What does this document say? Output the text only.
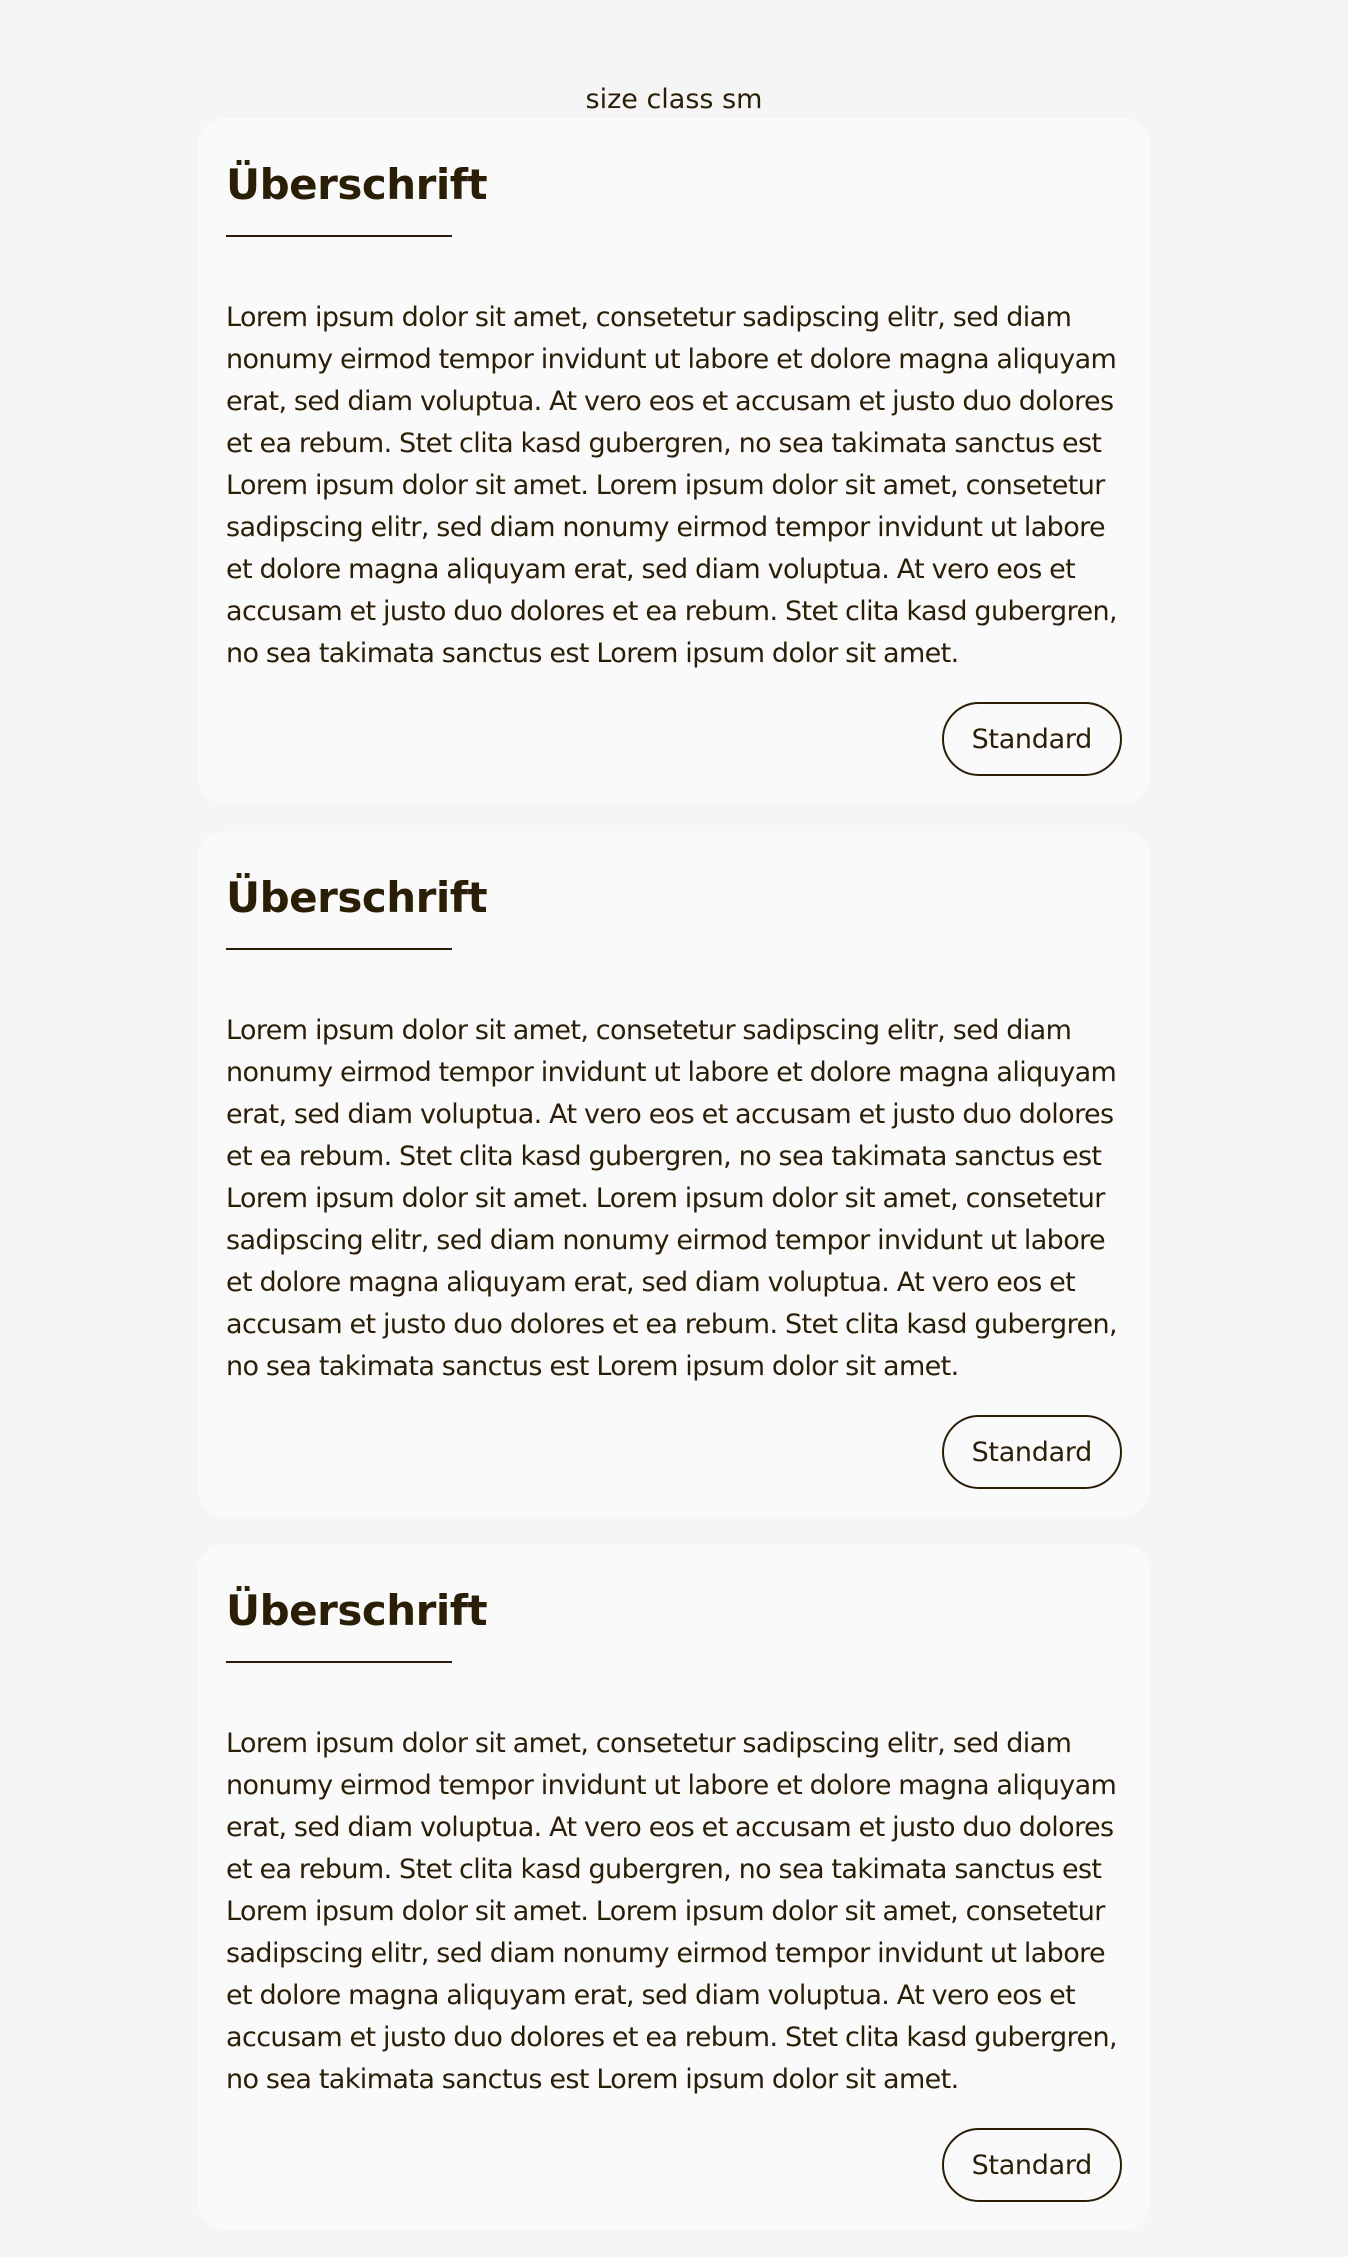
size class sm
Überschrift

Lorem ipsum dolor sit amet, consetetur sadipscing elitr, sed diam nonumy eirmod tempor invidunt ut labore et dolore magna aliquyam erat, sed diam voluptua. At vero eos et accusam et justo duo dolores et ea rebum. Stet clita kasd gubergren, no sea takimata sanctus est Lorem ipsum dolor sit amet. Lorem ipsum dolor sit amet, consetetur sadipscing elitr, sed diam nonumy eirmod tempor invidunt ut labore et dolore magna aliquyam erat, sed diam voluptua. At vero eos et accusam et justo duo dolores et ea rebum. Stet clita kasd gubergren, no sea takimata sanctus est Lorem ipsum dolor sit amet.

Standard
Überschrift

Lorem ipsum dolor sit amet, consetetur sadipscing elitr, sed diam nonumy eirmod tempor invidunt ut labore et dolore magna aliquyam erat, sed diam voluptua. At vero eos et accusam et justo duo dolores et ea rebum. Stet clita kasd gubergren, no sea takimata sanctus est Lorem ipsum dolor sit amet. Lorem ipsum dolor sit amet, consetetur sadipscing elitr, sed diam nonumy eirmod tempor invidunt ut labore et dolore magna aliquyam erat, sed diam voluptua. At vero eos et accusam et justo duo dolores et ea rebum. Stet clita kasd gubergren, no sea takimata sanctus est Lorem ipsum dolor sit amet.

Standard
Überschrift

Lorem ipsum dolor sit amet, consetetur sadipscing elitr, sed diam nonumy eirmod tempor invidunt ut labore et dolore magna aliquyam erat, sed diam voluptua. At vero eos et accusam et justo duo dolores et ea rebum. Stet clita kasd gubergren, no sea takimata sanctus est Lorem ipsum dolor sit amet. Lorem ipsum dolor sit amet, consetetur sadipscing elitr, sed diam nonumy eirmod tempor invidunt ut labore et dolore magna aliquyam erat, sed diam voluptua. At vero eos et accusam et justo duo dolores et ea rebum. Stet clita kasd gubergren, no sea takimata sanctus est Lorem ipsum dolor sit amet.

Standard
